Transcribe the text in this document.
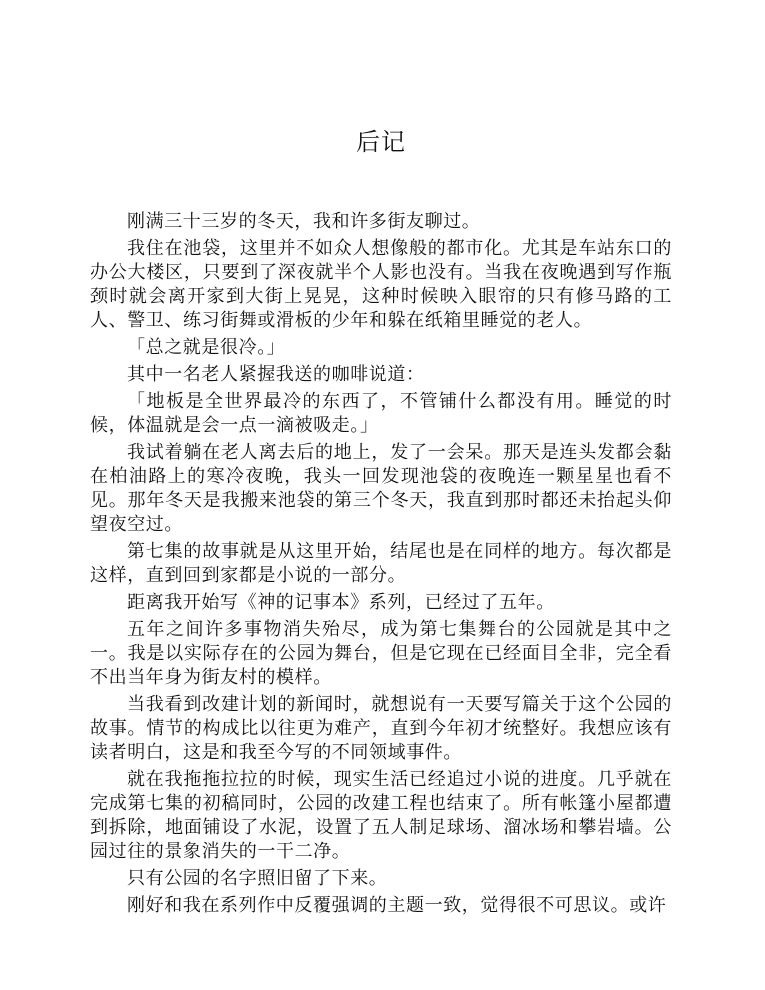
后记

刚满三十三岁的冬天，我和许多街友聊过。

我住在池袋，这里并不如众人想像般的都市化。尤其是车站东口的办公大楼区，只要到了深夜就半个人影也没有。当我在夜晚遇到写作瓶颈时就会离开家到大街上晃晃，这种时候映入眼帘的只有修马路的工人、警卫、练习街舞或滑板的少年和躲在纸箱里睡觉的老人。

「总之就是很冷。」

其中一名老人紧握我送的咖啡说道：

「地板是全世界最冷的东西了，不管铺什么都没有用。睡觉的时候，体温就是会一点一滴被吸走。」

我试着躺在老人离去后的地上，发了一会呆。那天是连头发都会黏在柏油路上的寒冷夜晚，我头一回发现池袋的夜晚连一颗星星也看不见。那年冬天是我搬来池袋的第三个冬天，我直到那时都还未抬起头仰望夜空过。

第七集的故事就是从这里开始，结尾也是在同样的地方。每次都是这样，直到回到家都是小说的一部分。

距离我开始写《神的记事本》系列，已经过了五年。

五年之间许多事物消失殆尽，成为第七集舞台的公园就是其中之一。我是以实际存在的公园为舞台，但是它现在已经面目全非，完全看不出当年身为街友村的模样。

当我看到改建计划的新闻时，就想说有一天要写篇关于这个公园的故事。情节的构成比以往更为难产，直到今年初才统整好。我想应该有读者明白，这是和我至今写的不同领域事件。

就在我拖拖拉拉的时候，现实生活已经追过小说的进度。几乎就在完成第七集的初稿同时，公园的改建工程也结束了。所有帐篷小屋都遭到拆除，地面铺设了水泥，设置了五人制足球场、溜冰场和攀岩墙。公园过往的景象消失的一干二净。

只有公园的名字照旧留了下来。

刚好和我在系列作中反覆强调的主题一致，觉得很不可思议。或许
